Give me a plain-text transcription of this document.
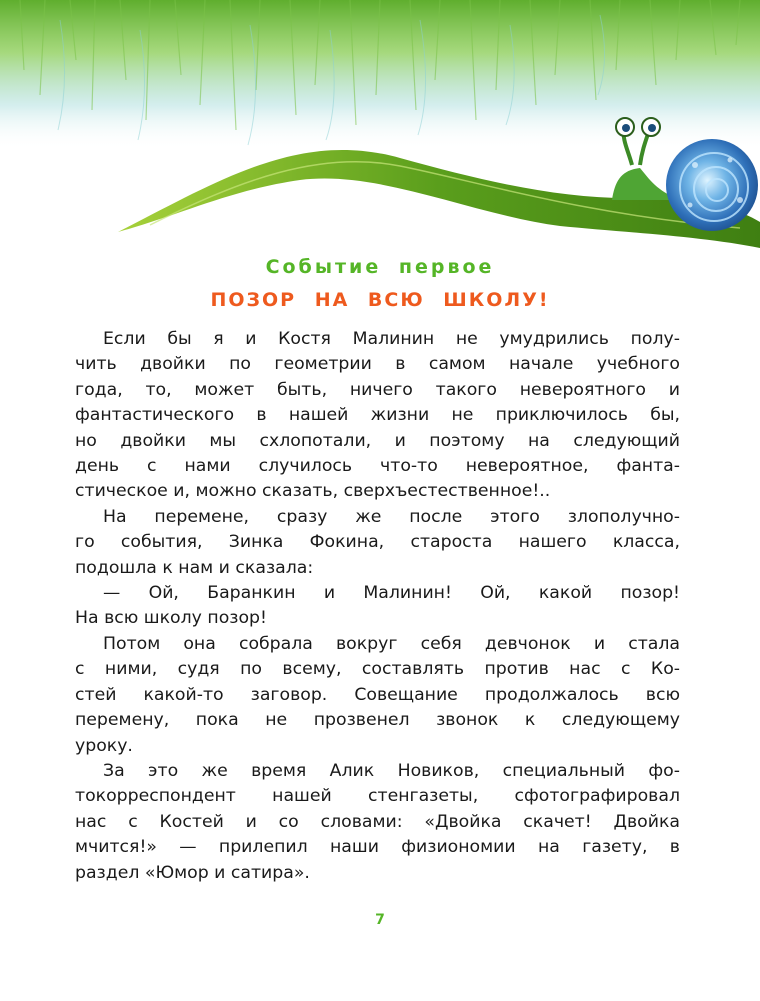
Событие первое
ПОЗОР НА ВСЮ ШКОЛУ!
Если бы я и Костя Малинин не умудрились полу-
чить двойки по геометрии в самом начале учебного
года, то, может быть, ничего такого невероятного и
фантастического в нашей жизни не приключилось бы,
но двойки мы схлопотали, и поэтому на следующий
день с нами случилось что-то невероятное, фанта-
стическое и, можно сказать, сверхъестественное!..
На перемене, сразу же после этого злополучно-
го события, Зинка Фокина, староста нашего класса,
подошла к нам и сказала:
— Ой, Баранкин и Малинин! Ой, какой позор!
На всю школу позор!
Потом она собрала вокруг себя девчонок и стала
с ними, судя по всему, составлять против нас с Ко-
стей какой-то заговор. Совещание продолжалось всю
перемену, пока не прозвенел звонок к следующему
уроку.
За это же время Алик Новиков, специальный фо-
токорреспондент нашей стенгазеты, сфотографировал
нас с Костей и со словами: «Двойка скачет! Двойка
мчится!» — прилепил наши физиономии на газету, в
раздел «Юмор и сатира».
7
